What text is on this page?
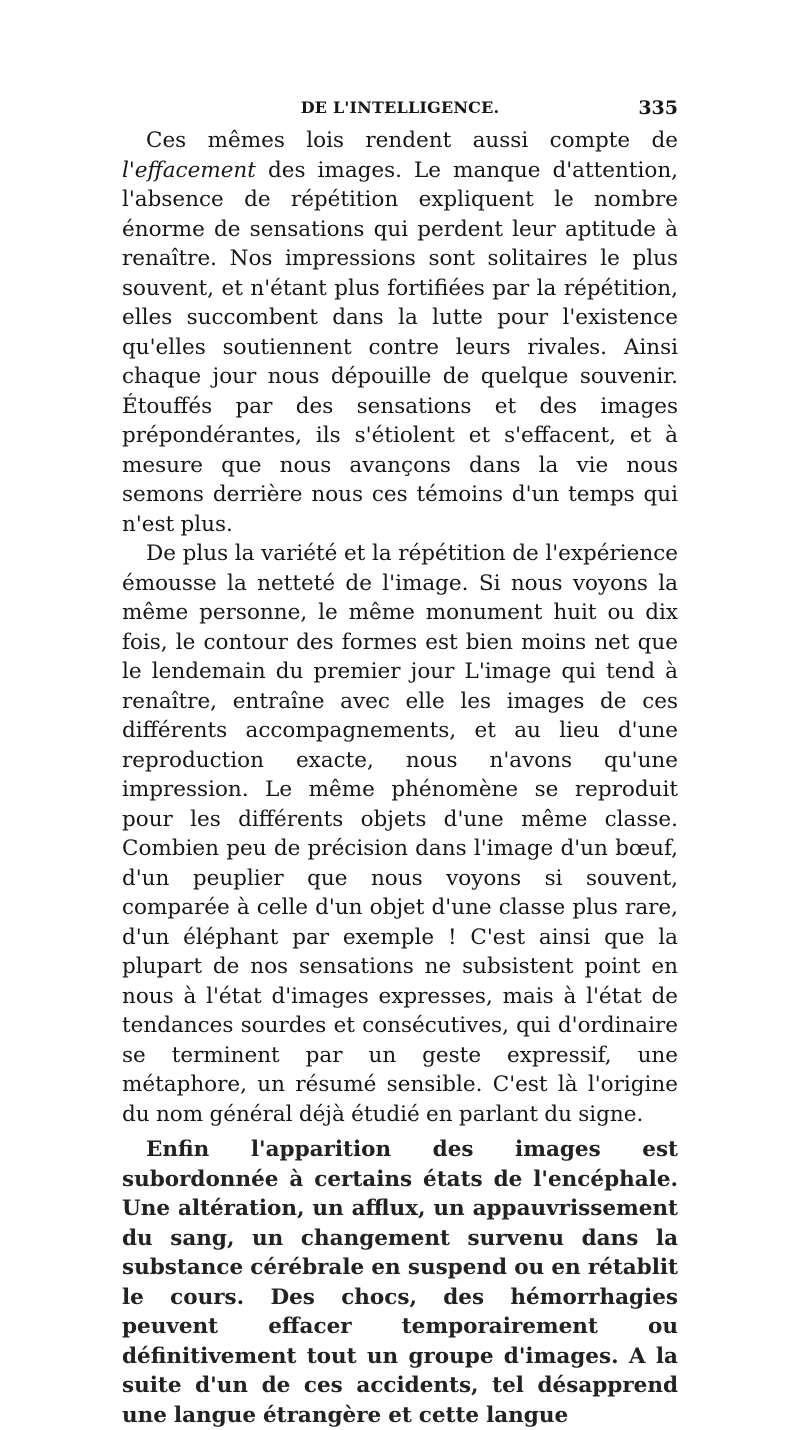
DE L'INTELLIGENCE.	335

Ces mêmes lois rendent aussi compte de l'effacement des images. Le manque d'attention, l'absence de répétition expliquent le nombre énorme de sensations qui perdent leur aptitude à renaître. Nos impressions sont solitaires le plus souvent, et n'étant plus fortifiées par la répétition, elles succombent dans la lutte pour l'existence qu'elles soutiennent contre leurs rivales. Ainsi chaque jour nous dépouille de quelque souvenir. Étouffés par des sensations et des images prépondérantes, ils s'étiolent et s'effacent, et à mesure que nous avançons dans la vie nous semons derrière nous ces témoins d'un temps qui n'est plus.

De plus la variété et la répétition de l'expérience émousse la netteté de l'image. Si nous voyons la même personne, le même monument huit ou dix fois, le contour des formes est bien moins net que le lendemain du premier jour L'image qui tend à renaître, entraîne avec elle les images de ces différents accompagnements, et au lieu d'une reproduction exacte, nous n'avons qu'une impression. Le même phénomène se reproduit pour les différents objets d'une même classe. Combien peu de précision dans l'image d'un bœuf, d'un peuplier que nous voyons si souvent, comparée à celle d'un objet d'une classe plus rare, d'un éléphant par exemple ! C'est ainsi que la plupart de nos sensations ne subsistent point en nous à l'état d'images expresses, mais à l'état de tendances sourdes et consécutives, qui d'ordinaire se terminent par un geste expressif, une métaphore, un résumé sensible. C'est là l'origine du nom général déjà étudié en parlant du signe.

Enfin l'apparition des images est subordonnée à certains états de l'encéphale. Une altération, un afflux, un appauvrissement du sang, un changement survenu dans la substance cérébrale en suspend ou en rétablit le cours. Des chocs, des hémorrhagies peuvent effacer temporairement ou définitivement tout un groupe d'images. A la suite d'un de ces accidents, tel désapprend une langue étrangère et cette langue
